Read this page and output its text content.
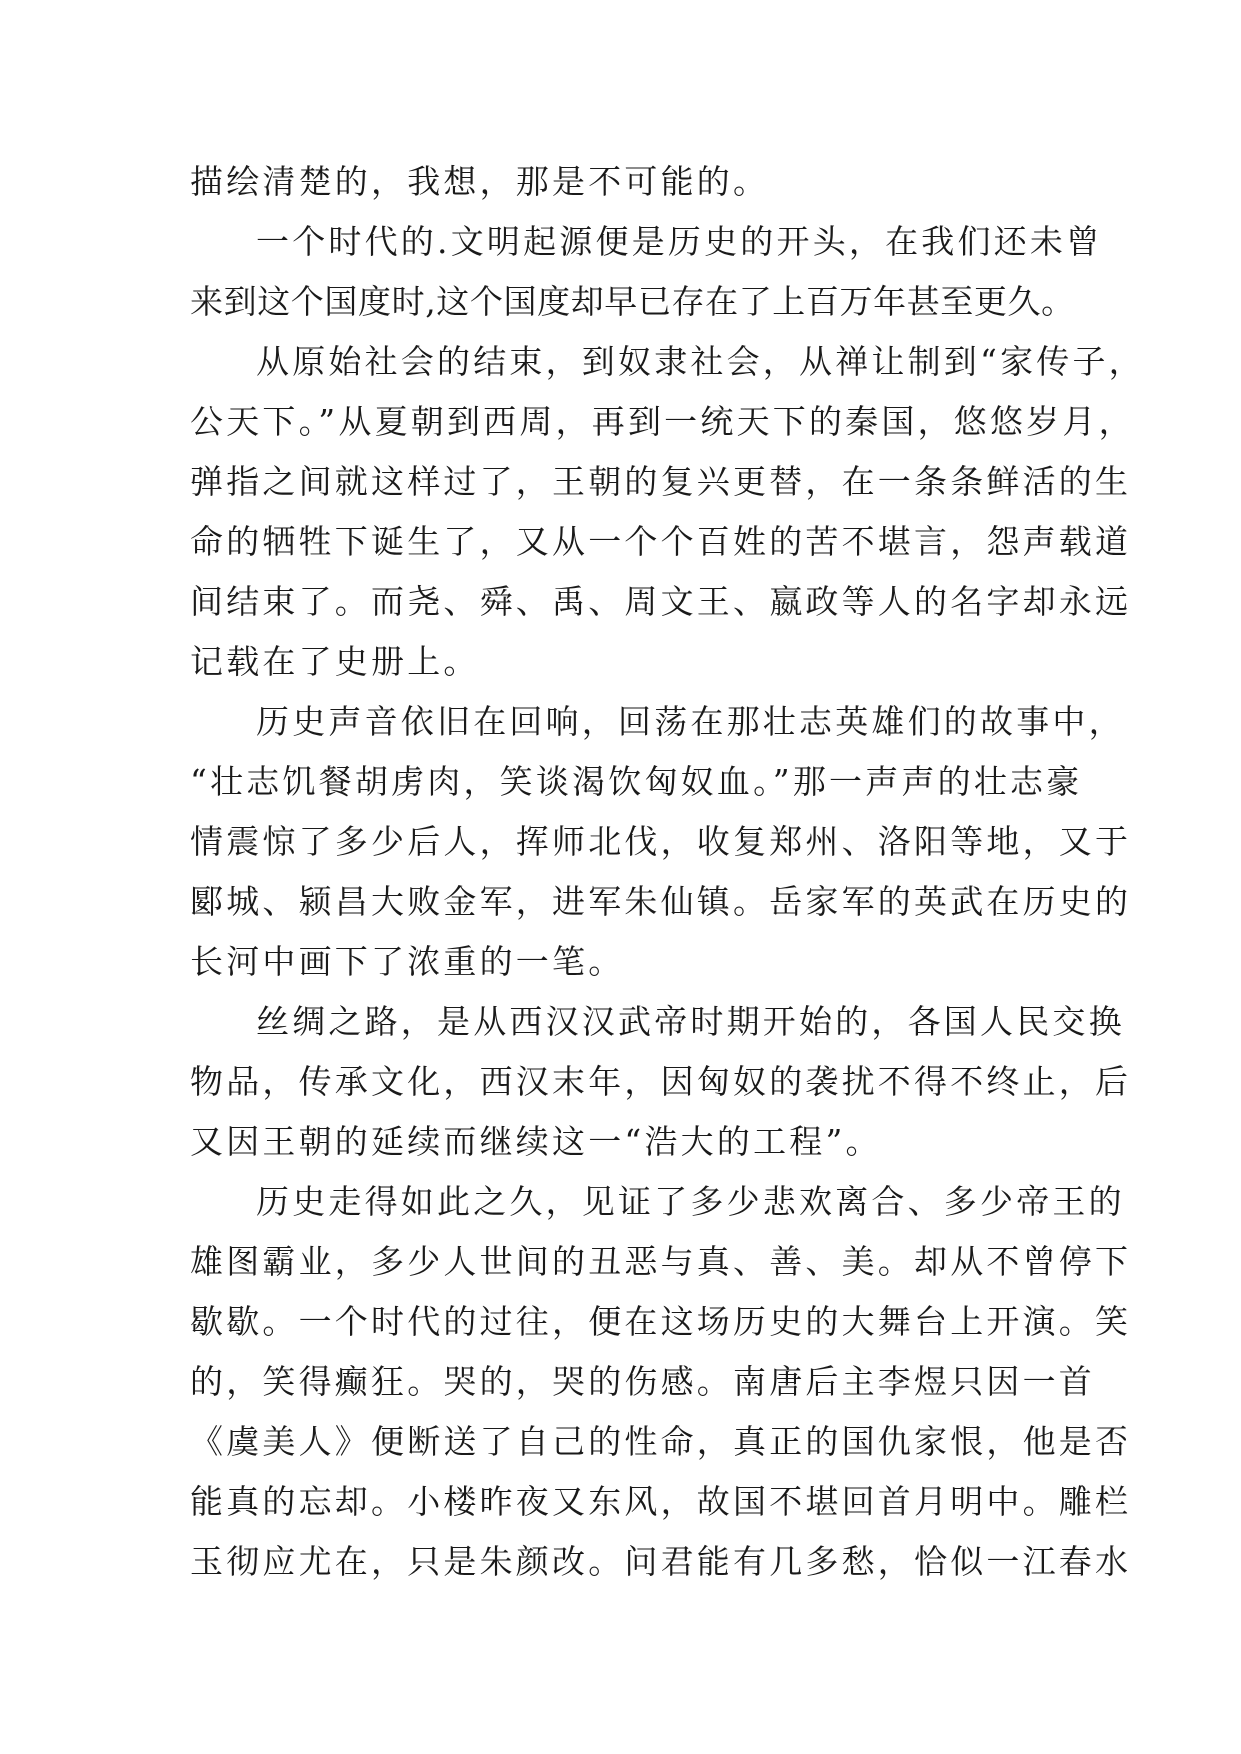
描绘清楚的，我想，那是不可能的。
一个时代的.文明起源便是历史的开头，在我们还未曾
来到这个国度时,这个国度却早已存在了上百万年甚至更久。
从原始社会的结束，到奴隶社会，从禅让制到“家传子，
公天下。”从夏朝到西周，再到一统天下的秦国，悠悠岁月，
弹指之间就这样过了，王朝的复兴更替，在一条条鲜活的生
命的牺牲下诞生了，又从一个个百姓的苦不堪言，怨声载道
间结束了。而尧、舜、禹、周文王、嬴政等人的名字却永远
记载在了史册上。
历史声音依旧在回响，回荡在那壮志英雄们的故事中，
“壮志饥餐胡虏肉，笑谈渴饮匈奴血。”那一声声的壮志豪
情震惊了多少后人，挥师北伐，收复郑州、洛阳等地，又于
郾城、颍昌大败金军，进军朱仙镇。岳家军的英武在历史的
长河中画下了浓重的一笔。
丝绸之路，是从西汉汉武帝时期开始的，各国人民交换
物品，传承文化，西汉末年，因匈奴的袭扰不得不终止，后
又因王朝的延续而继续这一“浩大的工程”。
历史走得如此之久，见证了多少悲欢离合、多少帝王的
雄图霸业，多少人世间的丑恶与真、善、美。却从不曾停下
歇歇。一个时代的过往，便在这场历史的大舞台上开演。笑
的，笑得癫狂。哭的，哭的伤感。南唐后主李煜只因一首
《虞美人》便断送了自己的性命，真正的国仇家恨，他是否
能真的忘却。小楼昨夜又东风，故国不堪回首月明中。雕栏
玉彻应尤在，只是朱颜改。问君能有几多愁，恰似一江春水
